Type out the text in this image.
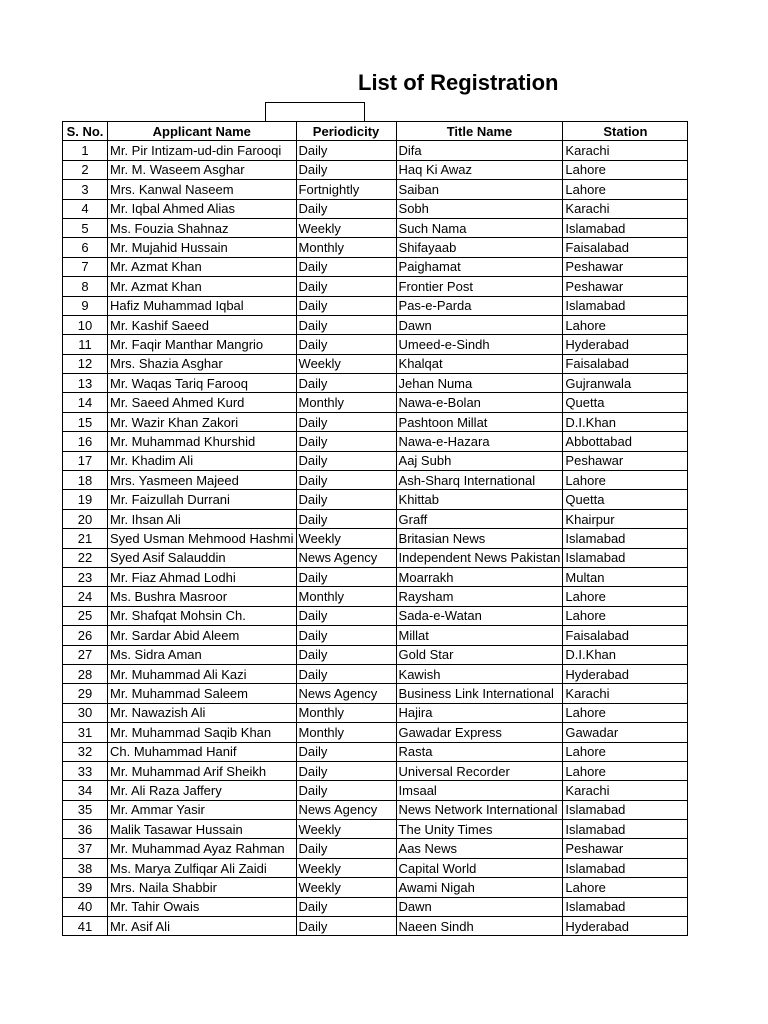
List of Registration
S. No.	Applicant Name	Periodicity	Title Name	Station
1	Mr. Pir Intizam-ud-din Farooqi	Daily	Difa	Karachi
2	Mr. M. Waseem Asghar	Daily	Haq Ki Awaz	Lahore
3	Mrs. Kanwal Naseem	Fortnightly	Saiban	Lahore
4	Mr. Iqbal Ahmed Alias	Daily	Sobh	Karachi
5	Ms. Fouzia Shahnaz	Weekly	Such Nama	Islamabad
6	Mr. Mujahid Hussain	Monthly	Shifayaab	Faisalabad
7	Mr. Azmat Khan	Daily	Paighamat	Peshawar
8	Mr. Azmat Khan	Daily	Frontier Post	Peshawar
9	Hafiz Muhammad Iqbal	Daily	Pas-e-Parda	Islamabad
10	Mr. Kashif Saeed	Daily	Dawn	Lahore
11	Mr. Faqir Manthar Mangrio	Daily	Umeed-e-Sindh	Hyderabad
12	Mrs. Shazia Asghar	Weekly	Khalqat	Faisalabad
13	Mr. Waqas Tariq Farooq	Daily	Jehan Numa	Gujranwala
14	Mr. Saeed Ahmed Kurd	Monthly	Nawa-e-Bolan	Quetta
15	Mr. Wazir Khan Zakori	Daily	Pashtoon Millat	D.I.Khan
16	Mr. Muhammad Khurshid	Daily	Nawa-e-Hazara	Abbottabad
17	Mr. Khadim Ali	Daily	Aaj Subh	Peshawar
18	Mrs. Yasmeen Majeed	Daily	Ash-Sharq International	Lahore
19	Mr. Faizullah Durrani	Daily	Khittab	Quetta
20	Mr. Ihsan Ali	Daily	Graff	Khairpur
21	Syed Usman Mehmood Hashmi	Weekly	Britasian News	Islamabad
22	Syed Asif Salauddin	News Agency	Independent News Pakistan	Islamabad
23	Mr. Fiaz Ahmad Lodhi	Daily	Moarrakh	Multan
24	Ms. Bushra Masroor	Monthly	Raysham	Lahore
25	Mr. Shafqat Mohsin Ch.	Daily	Sada-e-Watan	Lahore
26	Mr. Sardar Abid Aleem	Daily	Millat	Faisalabad
27	Ms. Sidra Aman	Daily	Gold Star	D.I.Khan
28	Mr. Muhammad Ali Kazi	Daily	Kawish	Hyderabad
29	Mr. Muhammad Saleem	News Agency	Business Link International	Karachi
30	Mr. Nawazish Ali	Monthly	Hajira	Lahore
31	Mr. Muhammad Saqib Khan	Monthly	Gawadar Express	Gawadar
32	Ch. Muhammad Hanif	Daily	Rasta	Lahore
33	Mr. Muhammad Arif Sheikh	Daily	Universal Recorder	Lahore
34	Mr. Ali Raza Jaffery	Daily	Imsaal	Karachi
35	Mr. Ammar Yasir	News Agency	News Network International	Islamabad
36	Malik Tasawar Hussain	Weekly	The Unity Times	Islamabad
37	Mr. Muhammad Ayaz Rahman	Daily	Aas News	Peshawar
38	Ms. Marya Zulfiqar Ali Zaidi	Weekly	Capital World	Islamabad
39	Mrs. Naila Shabbir	Weekly	Awami Nigah	Lahore
40	Mr. Tahir Owais	Daily	Dawn	Islamabad
41	Mr. Asif Ali	Daily	Naeen Sindh	Hyderabad
